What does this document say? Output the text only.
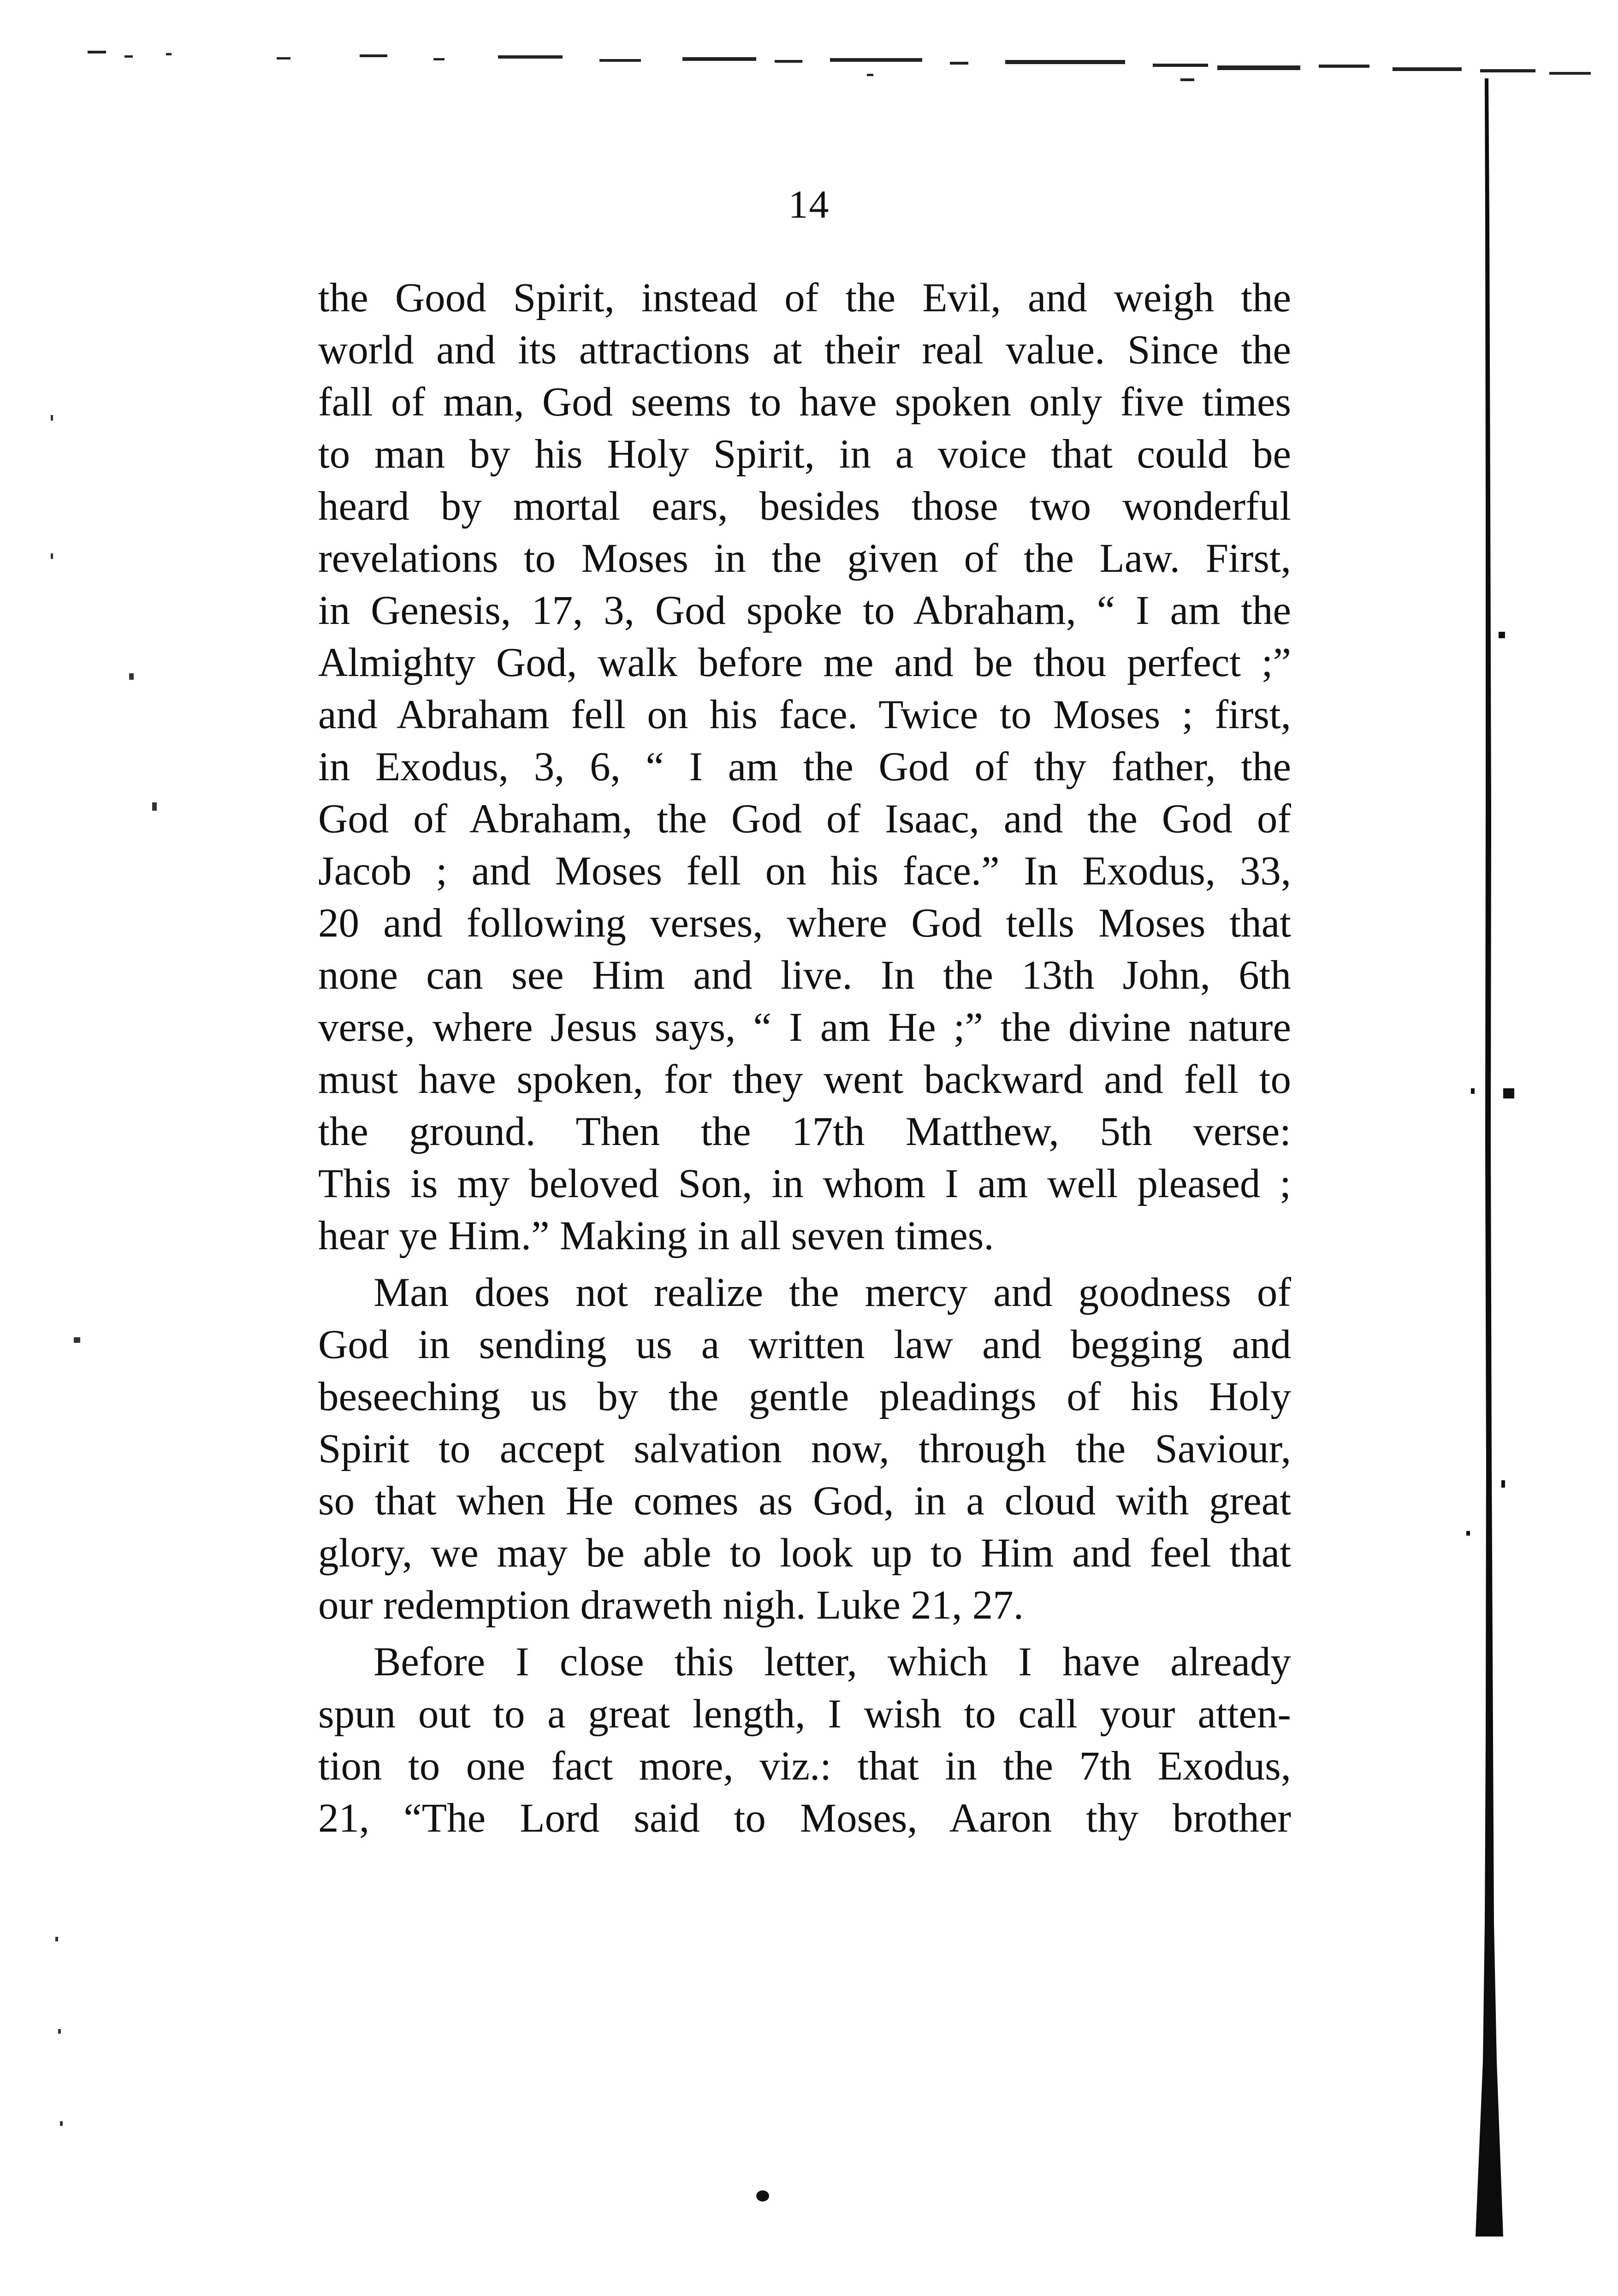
14
the Good Spirit, instead of the Evil, and weigh the
world and its attractions at their real value. Since the
fall of man, God seems to have spoken only five times
to man by his Holy Spirit, in a voice that could be
heard by mortal ears, besides those two wonderful
revelations to Moses in the given of the Law. First,
in Genesis, 17, 3, God spoke to Abraham, “ I am the
Almighty God, walk before me and be thou perfect ;”
and Abraham fell on his face. Twice to Moses ; first,
in Exodus, 3, 6, “ I am the God of thy father, the
God of Abraham, the God of Isaac, and the God of
Jacob ; and Moses fell on his face.” In Exodus, 33,
20 and following verses, where God tells Moses that
none can see Him and live. In the 13th John, 6th
verse, where Jesus says, “ I am He ;” the divine nature
must have spoken, for they went backward and fell to
the ground. Then the 17th Matthew, 5th verse:
This is my beloved Son, in whom I am well pleased ;
hear ye Him.” Making in all seven times.
Man does not realize the mercy and goodness of
God in sending us a written law and begging and
beseeching us by the gentle pleadings of his Holy
Spirit to accept salvation now, through the Saviour,
so that when He comes as God, in a cloud with great
glory, we may be able to look up to Him and feel that
our redemption draweth nigh. Luke 21, 27.
Before I close this letter, which I have already
spun out to a great length, I wish to call your atten-
tion to one fact more, viz.: that in the 7th Exodus,
21, “The Lord said to Moses, Aaron thy brother
